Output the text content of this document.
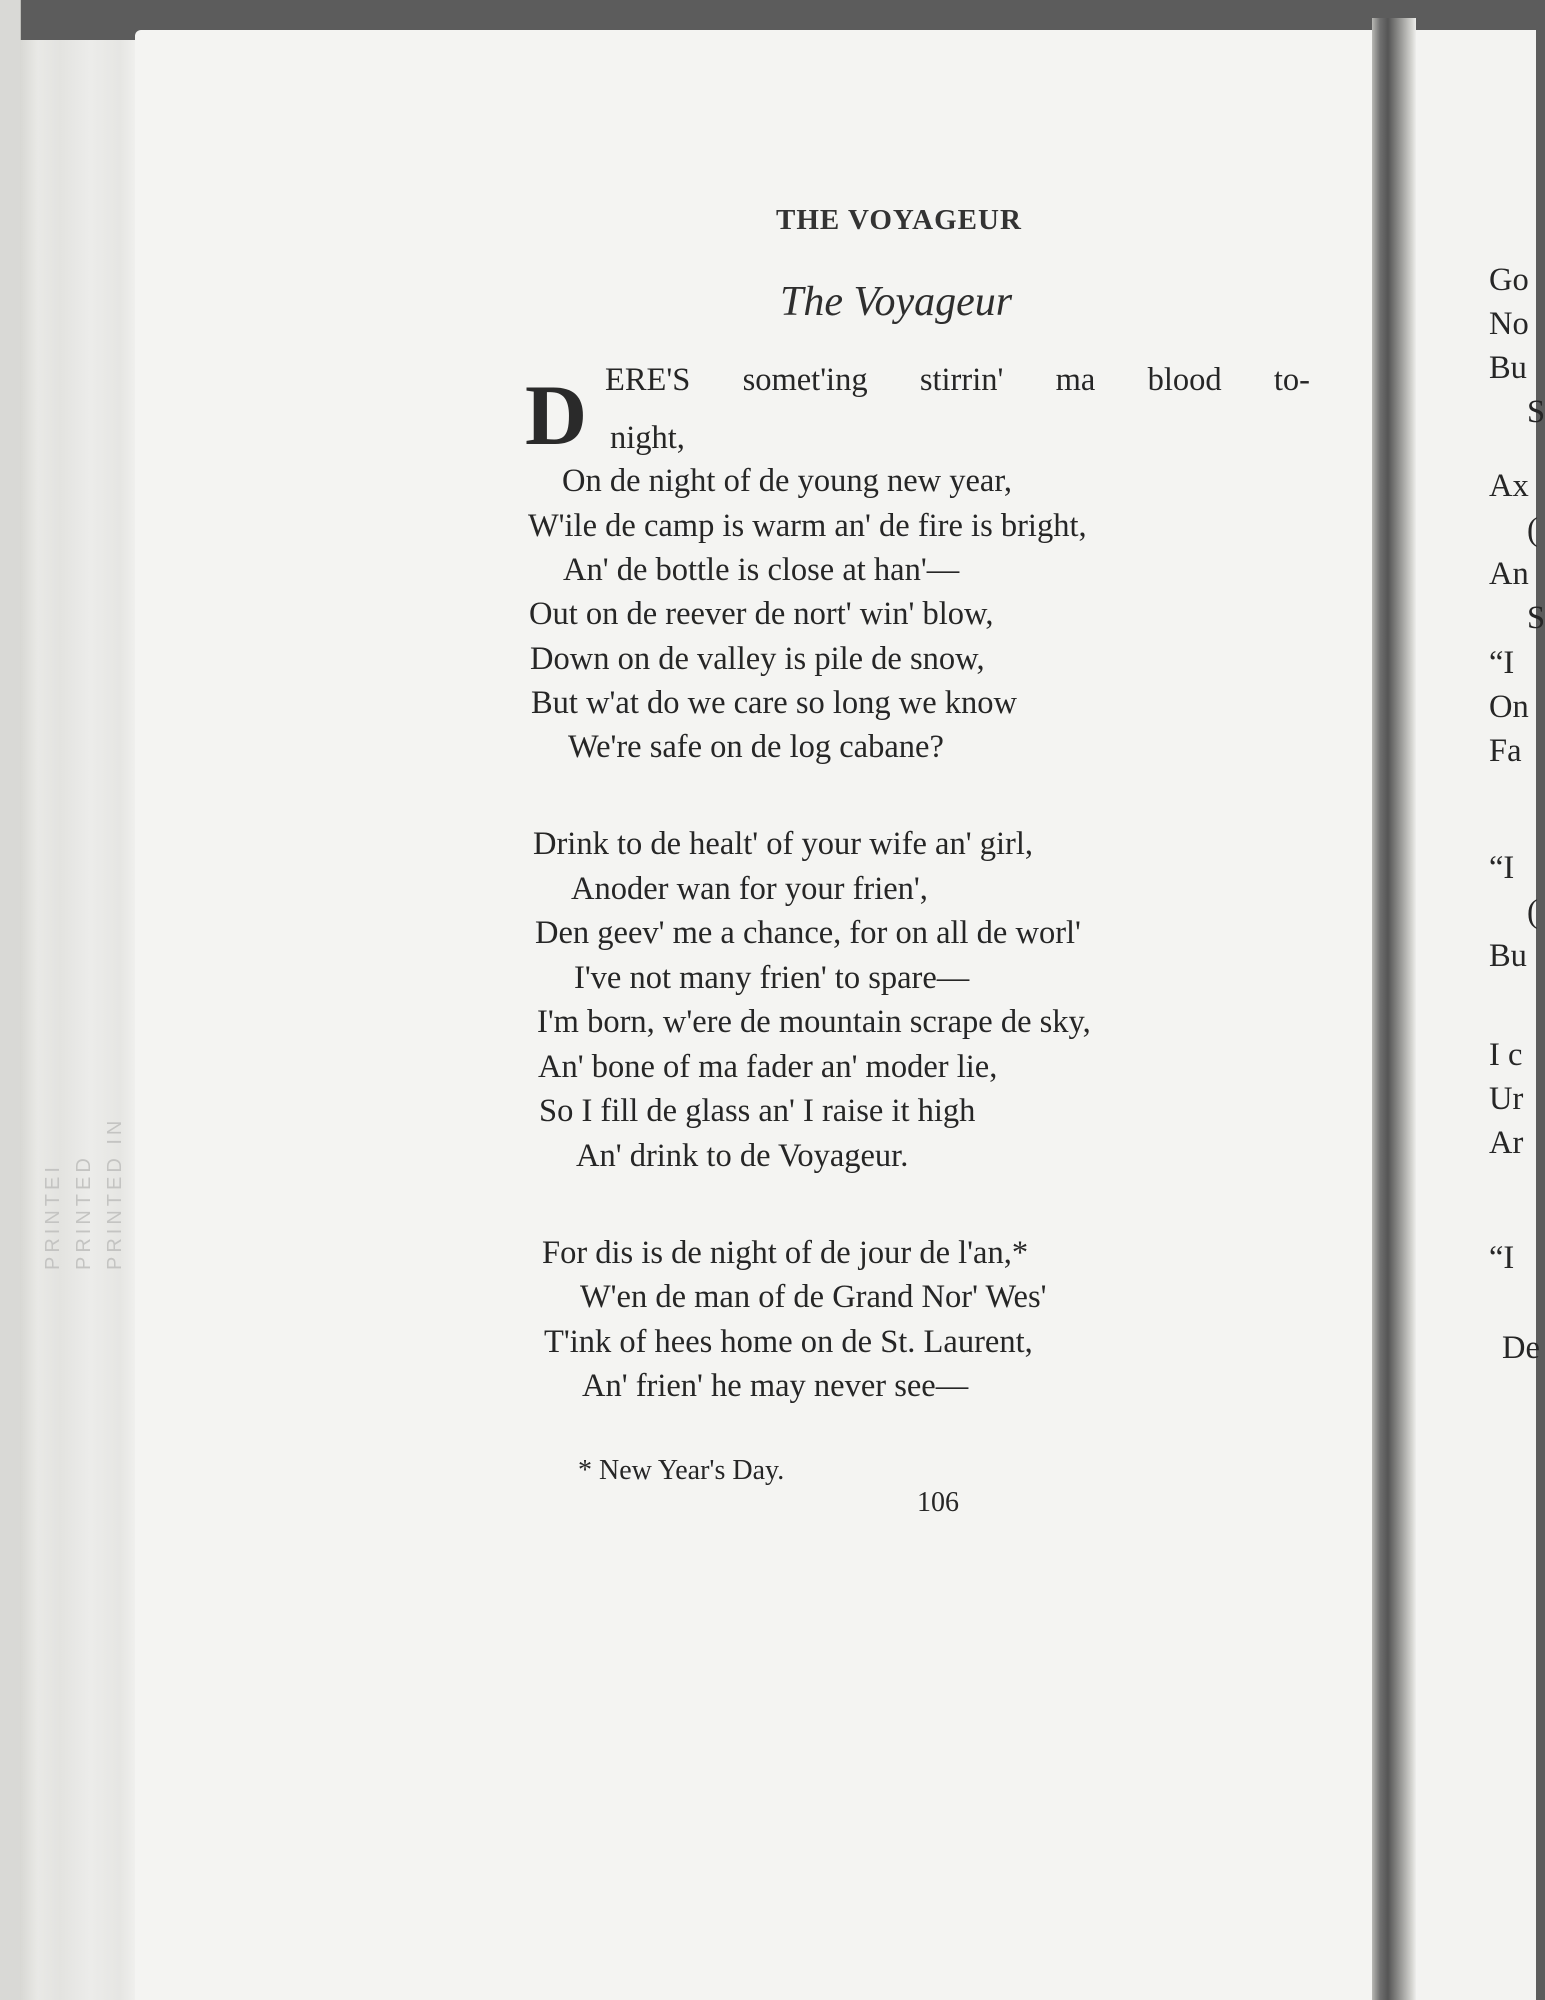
PRINTEI PRINTED PRINTED IN
THE VOYAGEUR
The Voyageur
D ERE'S somet'ing stirrin' ma blood to-
night,
On de night of de young new year,
W'ile de camp is warm an' de fire is bright,
An' de bottle is close at han'—
Out on de reever de nort' win' blow,
Down on de valley is pile de snow,
But w'at do we care so long we know
We're safe on de log cabane?
Drink to de healt' of your wife an' girl,
Anoder wan for your frien',
Den geev' me a chance, for on all de worl'
I've not many frien' to spare—
I'm born, w'ere de mountain scrape de sky,
An' bone of ma fader an' moder lie,
So I fill de glass an' I raise it high
An' drink to de Voyageur.
For dis is de night of de jour de l'an,*
W'en de man of de Grand Nor' Wes'
T'ink of hees home on de St. Laurent,
An' frien' he may never see—
* New Year's Day.
106
Go
No
Bu
S
Ax
(
An
S
“I
On
Fa
“I
(
Bu
I c
Ur
Ar
“I
De
